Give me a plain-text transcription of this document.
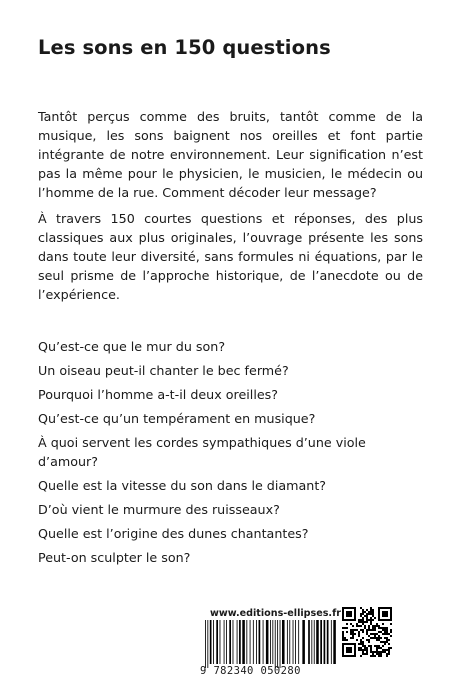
Les sons en 150 questions

Tantôt perçus comme des bruits, tantôt comme de la musique, les sons baignent nos oreilles et font partie intégrante de notre environnement. Leur signification n’est pas la même pour le physicien, le musicien, le médecin ou l’homme de la rue. Comment décoder leur message?

À travers 150 courtes questions et réponses, des plus classiques aux plus originales, l’ouvrage présente les sons dans toute leur diversité, sans formules ni équations, par le seul prisme de l’approche historique, de l’anecdote ou de l’expérience.

Qu’est-ce que le mur du son?
Un oiseau peut-il chanter le bec fermé?
Pourquoi l’homme a-t-il deux oreilles?
Qu’est-ce qu’un tempérament en musique?
À quoi servent les cordes sympathiques d’une viole d’amour?
Quelle est la vitesse du son dans le diamant?
D’où vient le murmure des ruisseaux?
Quelle est l’origine des dunes chantantes?
Peut-on sculpter le son?
www.editions-ellipses.fr
9 782340 050280
